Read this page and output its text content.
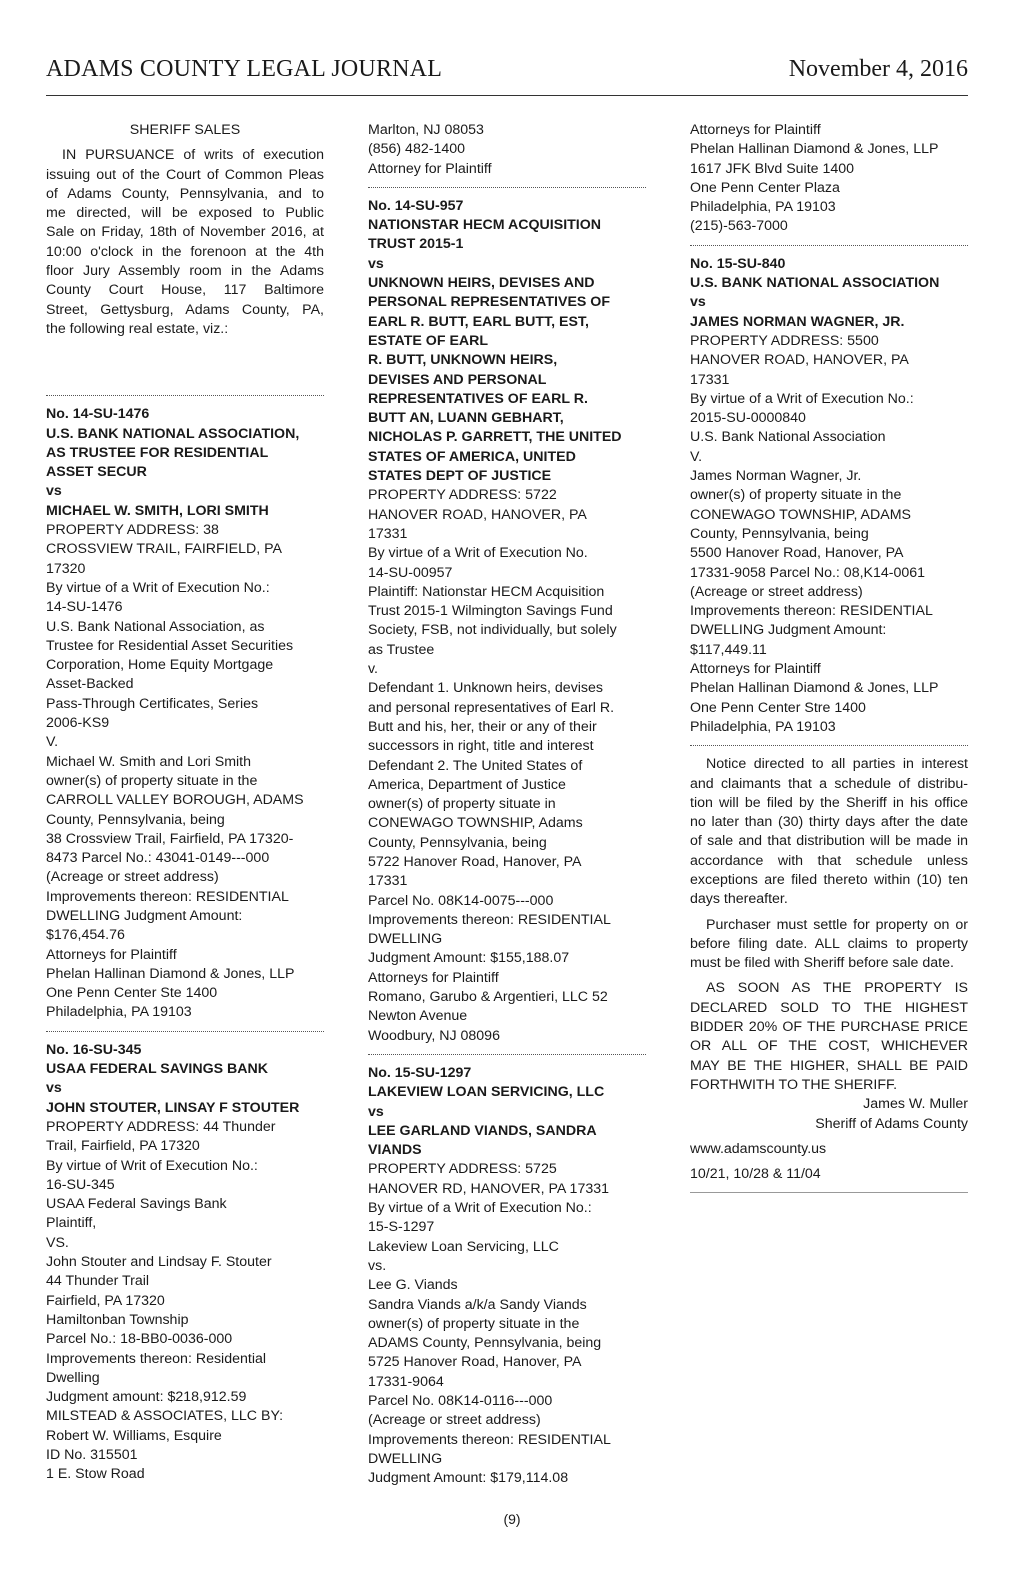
ADAMS COUNTY LEGAL JOURNAL	November 4, 2016
SHERIFF SALES
IN PURSUANCE of writs of execution
issuing out of the Court of Common Pleas
of Adams County, Pennsylvania, and to
me directed, will be exposed to Public
Sale on Friday, 18th of November 2016, at
10:00 o'clock in the forenoon at the 4th
floor Jury Assembly room in the Adams
County Court House, 117 Baltimore
Street, Gettysburg, Adams County, PA,
the following real estate, viz.:
No. 14-SU-1476
U.S. BANK NATIONAL ASSOCIATION,
AS TRUSTEE FOR RESIDENTIAL
ASSET SECUR
vs
MICHAEL W. SMITH, LORI SMITH
PROPERTY ADDRESS: 38
CROSSVIEW TRAIL, FAIRFIELD, PA
17320
By virtue of a Writ of Execution No.:
14-SU-1476
U.S. Bank National Association, as
Trustee for Residential Asset Securities
Corporation, Home Equity Mortgage
Asset-Backed
Pass-Through Certificates, Series
2006-KS9
V.
Michael W. Smith and Lori Smith
owner(s) of property situate in the
CARROLL VALLEY BOROUGH, ADAMS
County, Pennsylvania, being
38 Crossview Trail, Fairfield, PA 17320-
8473 Parcel No.: 43041-0149---000
(Acreage or street address)
Improvements thereon: RESIDENTIAL
DWELLING Judgment Amount:
$176,454.76
Attorneys for Plaintiff
Phelan Hallinan Diamond & Jones, LLP
One Penn Center Ste 1400
Philadelphia, PA 19103
No. 16-SU-345
USAA FEDERAL SAVINGS BANK
vs
JOHN STOUTER, LINSAY F STOUTER
PROPERTY ADDRESS: 44 Thunder
Trail, Fairfield, PA 17320
By virtue of Writ of Execution No.:
16-SU-345
USAA Federal Savings Bank
Plaintiff,
VS.
John Stouter and Lindsay F. Stouter
44 Thunder Trail
Fairfield, PA 17320
Hamiltonban Township
Parcel No.: 18-BB0-0036-000
Improvements thereon: Residential
Dwelling
Judgment amount: $218,912.59
MILSTEAD & ASSOCIATES, LLC BY:
Robert W. Williams, Esquire
ID No. 315501
1 E. Stow Road
Marlton, NJ 08053
(856) 482-1400
Attorney for Plaintiff
No. 14-SU-957
NATIONSTAR HECM ACQUISITION
TRUST 2015-1
vs
UNKNOWN HEIRS, DEVISES AND
PERSONAL REPRESENTATIVES OF
EARL R. BUTT, EARL BUTT, EST,
ESTATE OF EARL
R. BUTT, UNKNOWN HEIRS,
DEVISES AND PERSONAL
REPRESENTATIVES OF EARL R.
BUTT AN, LUANN GEBHART,
NICHOLAS P. GARRETT, THE UNITED
STATES OF AMERICA, UNITED
STATES DEPT OF JUSTICE
PROPERTY ADDRESS: 5722
HANOVER ROAD, HANOVER, PA
17331
By virtue of a Writ of Execution No.
14-SU-00957
Plaintiff: Nationstar HECM Acquisition
Trust 2015-1 Wilmington Savings Fund
Society, FSB, not individually, but solely
as Trustee
v.
Defendant 1. Unknown heirs, devises
and personal representatives of Earl R.
Butt and his, her, their or any of their
successors in right, title and interest
Defendant 2. The United States of
America, Department of Justice
owner(s) of property situate in
CONEWAGO TOWNSHIP, Adams
County, Pennsylvania, being
5722 Hanover Road, Hanover, PA
17331
Parcel No. 08K14-0075---000
Improvements thereon: RESIDENTIAL
DWELLING
Judgment Amount: $155,188.07
Attorneys for Plaintiff
Romano, Garubo & Argentieri, LLC 52
Newton Avenue
Woodbury, NJ 08096
No. 15-SU-1297
LAKEVIEW LOAN SERVICING, LLC
vs
LEE GARLAND VIANDS, SANDRA
VIANDS
PROPERTY ADDRESS: 5725
HANOVER RD, HANOVER, PA 17331
By virtue of a Writ of Execution No.:
15-S-1297
Lakeview Loan Servicing, LLC
vs.
Lee G. Viands
Sandra Viands a/k/a Sandy Viands
owner(s) of property situate in the
ADAMS County, Pennsylvania, being
5725 Hanover Road, Hanover, PA
17331-9064
Parcel No. 08K14-0116---000
(Acreage or street address)
Improvements thereon: RESIDENTIAL
DWELLING
Judgment Amount: $179,114.08
Attorneys for Plaintiff
Phelan Hallinan Diamond & Jones, LLP
1617 JFK Blvd Suite 1400
One Penn Center Plaza
Philadelphia, PA 19103
(215)-563-7000
No. 15-SU-840
U.S. BANK NATIONAL ASSOCIATION
vs
JAMES NORMAN WAGNER, JR.
PROPERTY ADDRESS: 5500
HANOVER ROAD, HANOVER, PA
17331
By virtue of a Writ of Execution No.:
2015-SU-0000840
U.S. Bank National Association
V.
James Norman Wagner, Jr.
owner(s) of property situate in the
CONEWAGO TOWNSHIP, ADAMS
County, Pennsylvania, being
5500 Hanover Road, Hanover, PA
17331-9058 Parcel No.: 08,K14-0061
(Acreage or street address)
Improvements thereon: RESIDENTIAL
DWELLING Judgment Amount:
$117,449.11
Attorneys for Plaintiff
Phelan Hallinan Diamond & Jones, LLP
One Penn Center Stre 1400
Philadelphia, PA 19103
Notice directed to all parties in interest
and claimants that a schedule of distribu-
tion will be filed by the Sheriff in his office
no later than (30) thirty days after the date
of sale and that distribution will be made in
accordance with that schedule unless
exceptions are filed thereto within (10) ten
days thereafter.
Purchaser must settle for property on or
before filing date. ALL claims to property
must be filed with Sheriff before sale date.
AS SOON AS THE PROPERTY IS
DECLARED SOLD TO THE HIGHEST
BIDDER 20% OF THE PURCHASE PRICE
OR ALL OF THE COST, WHICHEVER
MAY BE THE HIGHER, SHALL BE PAID
FORTHWITH TO THE SHERIFF.
James W. Muller
Sheriff of Adams County
www.adamscounty.us
10/21, 10/28 & 11/04
(9)
